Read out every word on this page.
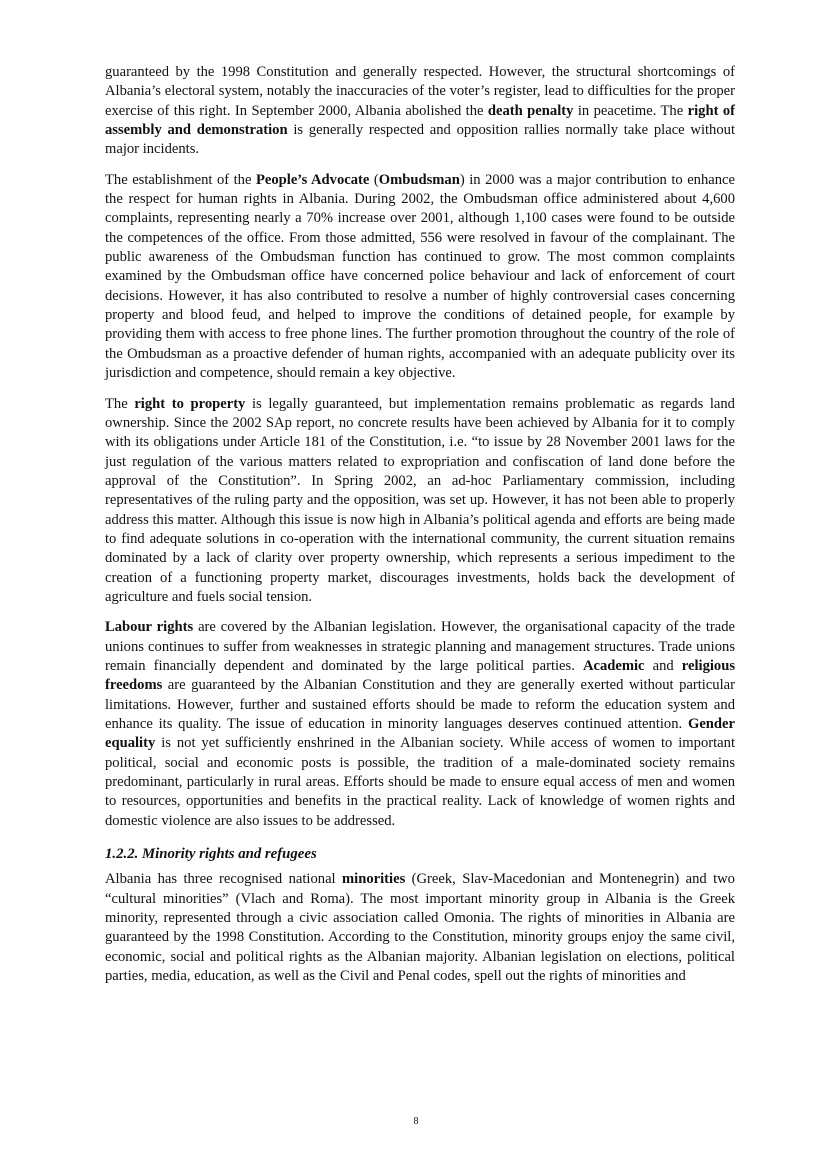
guaranteed by the 1998 Constitution and generally respected. However, the structural shortcomings of Albania’s electoral system, notably the inaccuracies of the voter’s register, lead to difficulties for the proper exercise of this right. In September 2000, Albania abolished the death penalty in peacetime. The right of assembly and demonstration is generally respected and opposition rallies normally take place without major incidents.

The establishment of the People’s Advocate (Ombudsman) in 2000 was a major contribution to enhance the respect for human rights in Albania. During 2002, the Ombudsman office administered about 4,600 complaints, representing nearly a 70% increase over 2001, although 1,100 cases were found to be outside the competences of the office. From those admitted, 556 were resolved in favour of the complainant. The public awareness of the Ombudsman function has continued to grow. The most common complaints examined by the Ombudsman office have concerned police behaviour and lack of enforcement of court decisions. However, it has also contributed to resolve a number of highly controversial cases concerning property and blood feud, and helped to improve the conditions of detained people, for example by providing them with access to free phone lines. The further promotion throughout the country of the role of the Ombudsman as a proactive defender of human rights, accompanied with an adequate publicity over its jurisdiction and competence, should remain a key objective.

The right to property is legally guaranteed, but implementation remains problematic as regards land ownership. Since the 2002 SAp report, no concrete results have been achieved by Albania for it to comply with its obligations under Article 181 of the Constitution, i.e. “to issue by 28 November 2001 laws for the just regulation of the various matters related to expropriation and confiscation of land done before the approval of the Constitution”. In Spring 2002, an ad-hoc Parliamentary commission, including representatives of the ruling party and the opposition, was set up. However, it has not been able to properly address this matter. Although this issue is now high in Albania’s political agenda and efforts are being made to find adequate solutions in co-operation with the international community, the current situation remains dominated by a lack of clarity over property ownership, which represents a serious impediment to the creation of a functioning property market, discourages investments, holds back the development of agriculture and fuels social tension.

Labour rights are covered by the Albanian legislation. However, the organisational capacity of the trade unions continues to suffer from weaknesses in strategic planning and management structures. Trade unions remain financially dependent and dominated by the large political parties. Academic and religious freedoms are guaranteed by the Albanian Constitution and they are generally exerted without particular limitations. However, further and sustained efforts should be made to reform the education system and enhance its quality. The issue of education in minority languages deserves continued attention. Gender equality is not yet sufficiently enshrined in the Albanian society. While access of women to important political, social and economic posts is possible, the tradition of a male-dominated society remains predominant, particularly in rural areas. Efforts should be made to ensure equal access of men and women to resources, opportunities and benefits in the practical reality. Lack of knowledge of women rights and domestic violence are also issues to be addressed.

1.2.2. Minority rights and refugees

Albania has three recognised national minorities (Greek, Slav-Macedonian and Montenegrin) and two “cultural minorities” (Vlach and Roma). The most important minority group in Albania is the Greek minority, represented through a civic association called Omonia. The rights of minorities in Albania are guaranteed by the 1998 Constitution. According to the Constitution, minority groups enjoy the same civil, economic, social and political rights as the Albanian majority. Albanian legislation on elections, political parties, media, education, as well as the Civil and Penal codes, spell out the rights of minorities and

8
